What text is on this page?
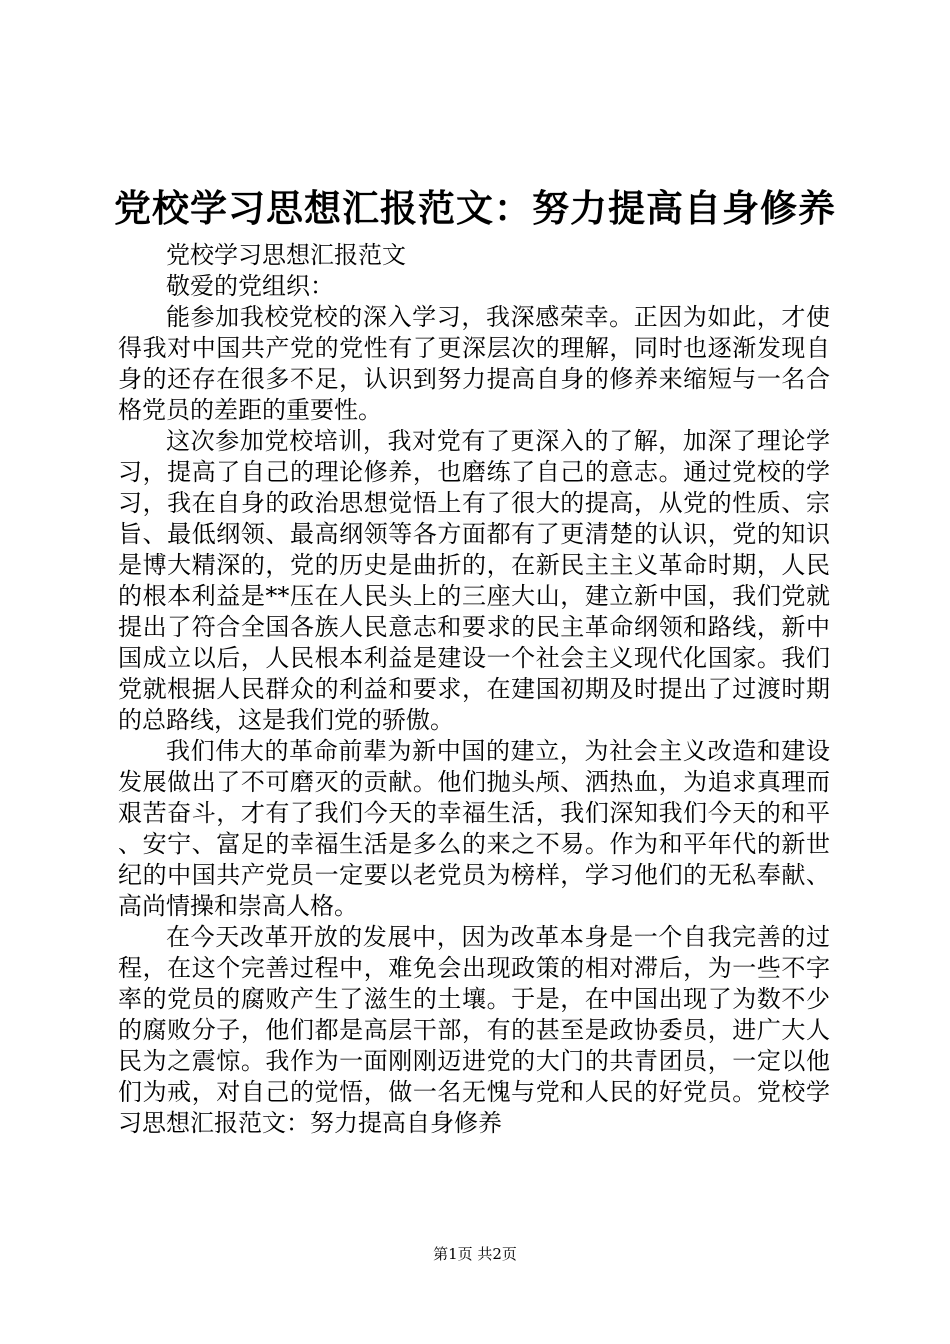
党校学习思想汇报范文：努力提高自身修养

党校学习思想汇报范文

敬爱的党组织：

能参加我校党校的深入学习，我深感荣幸。正因为如此，才使得我对中国共产党的党性有了更深层次的理解，同时也逐渐发现自身的还存在很多不足，认识到努力提高自身的修养来缩短与一名合格党员的差距的重要性。

这次参加党校培训，我对党有了更深入的了解，加深了理论学习，提高了自己的理论修养，也磨练了自己的意志。通过党校的学习，我在自身的政治思想觉悟上有了很大的提高，从党的性质、宗旨、最低纲领、最高纲领等各方面都有了更清楚的认识，党的知识是博大精深的，党的历史是曲折的，在新民主主义革命时期，人民的根本利益是**压在人民头上的三座大山，建立新中国，我们党就提出了符合全国各族人民意志和要求的民主革命纲领和路线，新中国成立以后，人民根本利益是建设一个社会主义现代化国家。我们党就根据人民群众的利益和要求，在建国初期及时提出了过渡时期的总路线，这是我们党的骄傲。

我们伟大的革命前辈为新中国的建立，为社会主义改造和建设发展做出了不可磨灭的贡献。他们抛头颅、洒热血，为追求真理而艰苦奋斗，才有了我们今天的幸福生活，我们深知我们今天的和平、安宁、富足的幸福生活是多么的来之不易。作为和平年代的新世纪的中国共产党员一定要以老党员为榜样，学习他们的无私奉献、高尚情操和崇高人格。

在今天改革开放的发展中，因为改革本身是一个自我完善的过程，在这个完善过程中，难免会出现政策的相对滞后，为一些不字率的党员的腐败产生了滋生的土壤。于是，在中国出现了为数不少的腐败分子，他们都是高层干部，有的甚至是政协委员，进广大人民为之震惊。我作为一面刚刚迈进党的大门的共青团员，一定以他们为戒，对自己的觉悟，做一名无愧与党和人民的好党员。党校学习思想汇报范文：努力提高自身修养

第1页 共2页
